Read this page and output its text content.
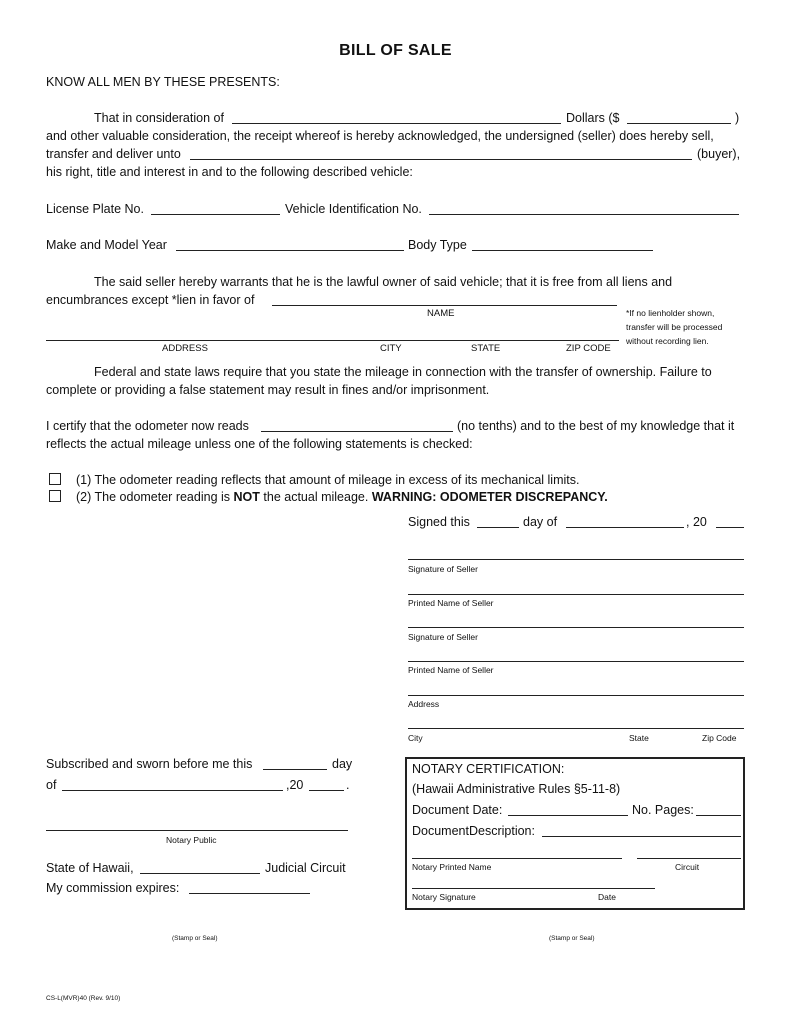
BILL OF SALE
KNOW ALL MEN BY THESE PRESENTS:
That in consideration of	Dollars ($	)
and other valuable consideration, the receipt whereof is hereby acknowledged, the undersigned (seller) does hereby sell,
transfer and deliver unto	(buyer),
his right, title and interest in and to the following described vehicle:
License Plate No.	Vehicle Identification No.
Make and Model Year	Body Type
The said seller hereby warrants that he is the lawful owner of said vehicle; that it is free from all liens and
encumbrances except *lien in favor of
NAME
ADDRESS	CITY	STATE	ZIP CODE
*If no lienholder shown,
transfer will be processed
without recording lien.
Federal and state laws require that you state the mileage in connection with the transfer of ownership. Failure to
complete or providing a false statement may result in fines and/or imprisonment.
I certify that the odometer now reads	(no tenths) and to the best of my knowledge that it
reflects the actual mileage unless one of the following statements is checked:
(1) The odometer reading reflects that amount of mileage in excess of its mechanical limits.
(2) The odometer reading is NOT the actual mileage. WARNING: ODOMETER DISCREPANCY.
Signed this	day of	, 20
Signature of Seller
Printed Name of Seller
Signature of Seller
Printed Name of Seller
Address
City	State	Zip Code
Subscribed and sworn before me this	day
of	,20	.
Notary Public
State of Hawaii,	Judicial Circuit
My commission expires:
NOTARY CERTIFICATION:
(Hawaii Administrative Rules §5-11-8)
Document Date:	No. Pages:
DocumentDescription:
Notary Printed Name	Circuit
Notary Signature	Date
(Stamp or Seal)	(Stamp or Seal)
CS-L(MVR)40 (Rev. 9/10)
